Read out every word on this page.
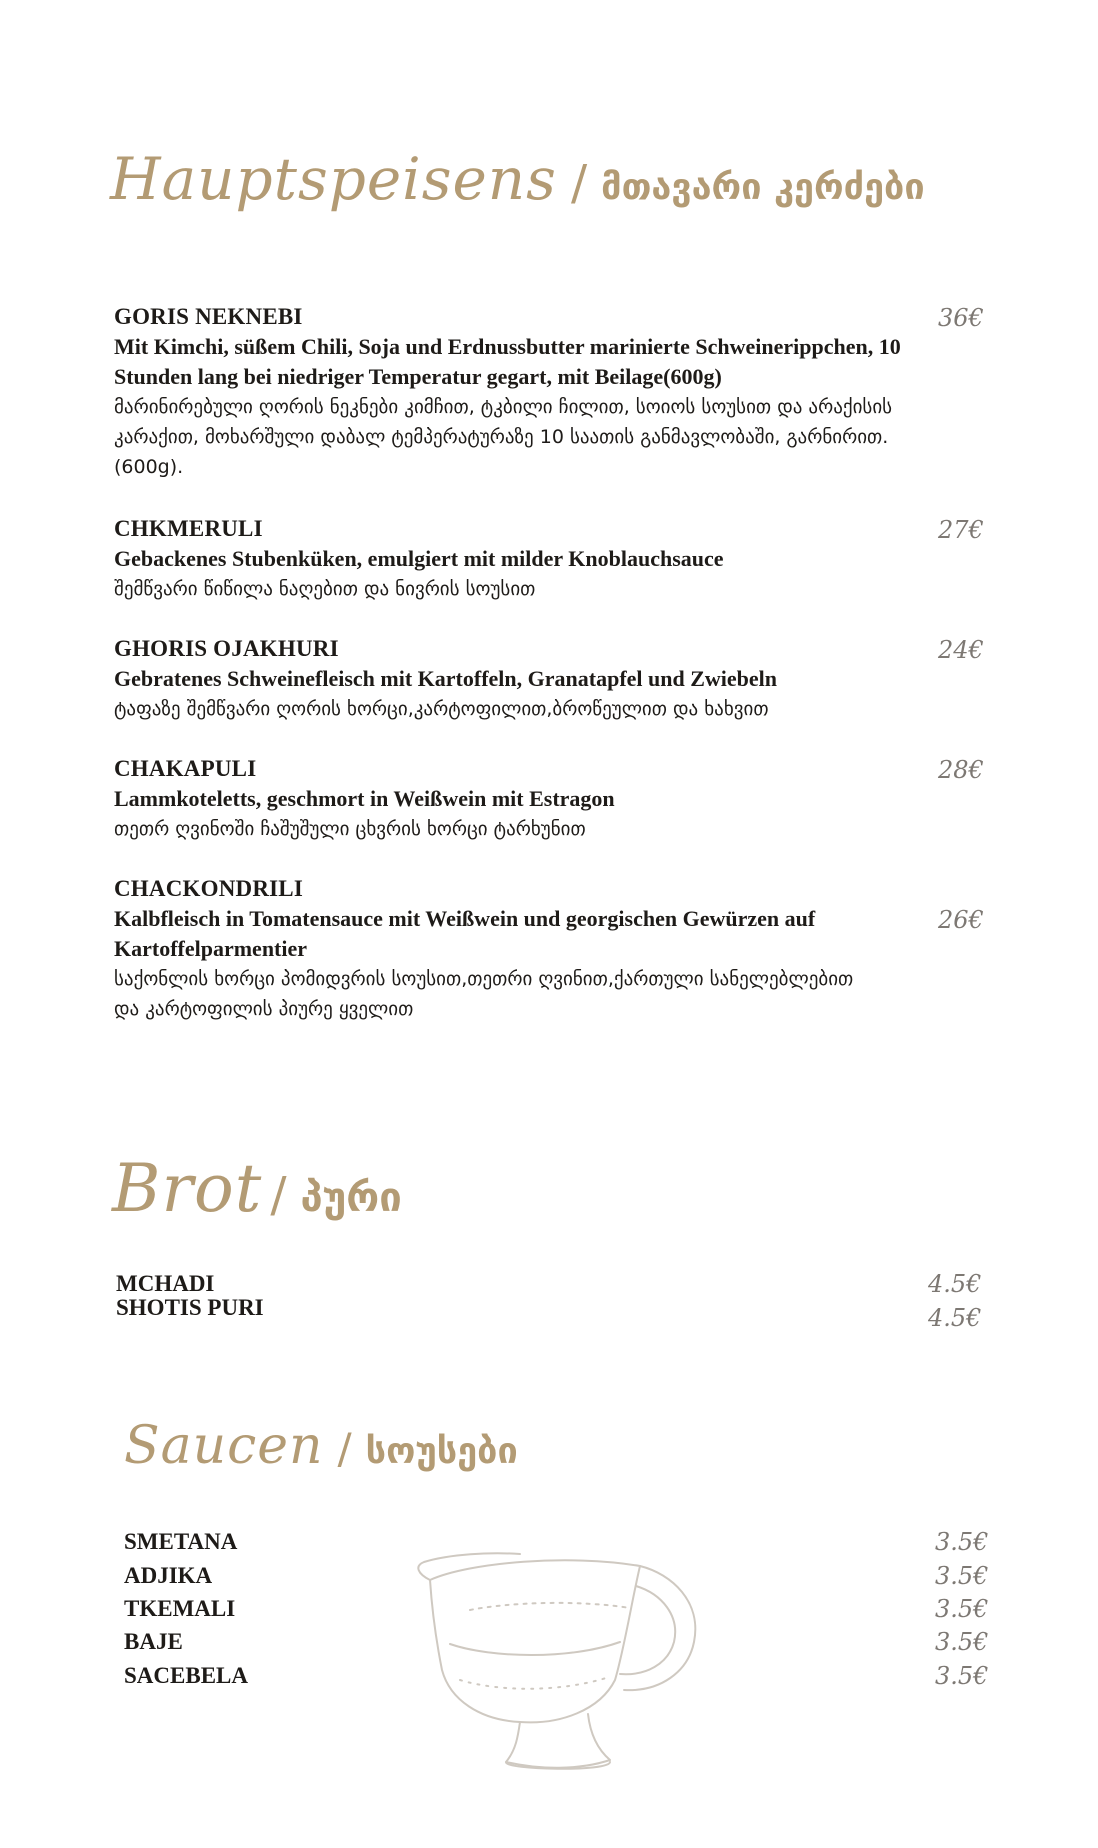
Hauptspeisens / მთავარი კერძები
GORIS NEKNEBI
Mit Kimchi, süßem Chili, Soja und Erdnussbutter marinierte Schweinerippchen, 10 Stunden lang bei niedriger Temperatur gegart, mit Beilage(600g)
მარინირებული ღორის ნეკნები კიმჩით, ტკბილი ჩილით, სოიოს სოუსით და არაქისის კარაქით, მოხარშული დაბალ ტემპერატურაზე 10 საათის განმავლობაში, გარნირით. (600g).
36€
CHKMERULI
Gebackenes Stubenküken, emulgiert mit milder Knoblauchsauce
შემწვარი წიწილა ნაღებით და ნივრის სოუსით
27€
GHORIS OJAKHURI
Gebratenes Schweinefleisch mit Kartoffeln, Granatapfel und Zwiebeln
ტაფაზე შემწვარი ღორის ხორცი,კარტოფილით,ბროწეულით და ხახვით
24€
CHAKAPULI
Lammkoteletts, geschmort in Weißwein mit Estragon
თეთრ ღვინოში ჩაშუშული ცხვრის ხორცი ტარხუნით
28€
CHACKONDRILI
Kalbfleisch in Tomatensauce mit Weißwein und georgischen Gewürzen auf Kartoffelparmentier
საქონლის ხორცი პომიდვრის სოუსით,თეთრი ღვინით,ქართული სანელებლებით და კარტოფილის პიურე ყველით
26€
Brot / პური
MCHADI
SHOTIS PURI
4.5€
4.5€
Saucen / სოუსები
SMETANA
ADJIKA
TKEMALI
BAJE
SACEBELA
3.5€
3.5€
3.5€
3.5€
3.5€
